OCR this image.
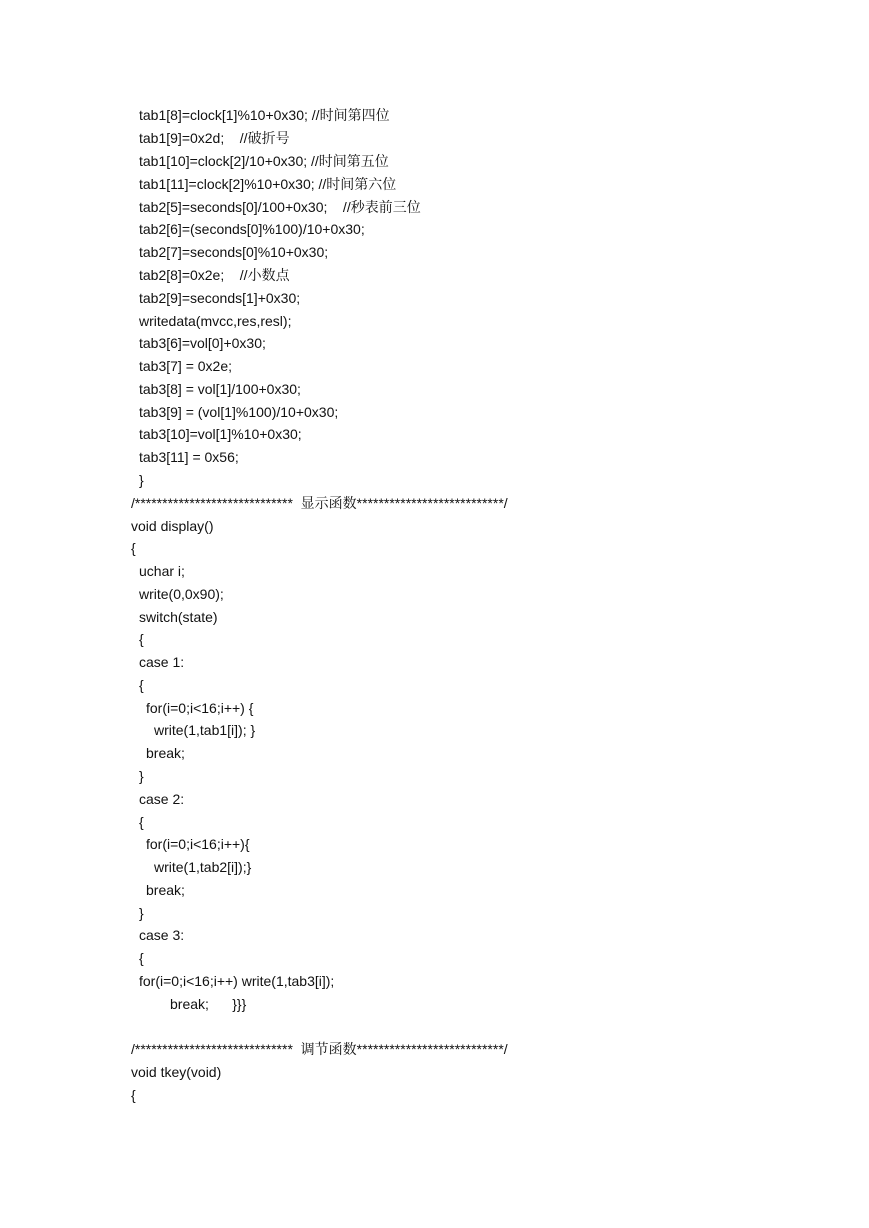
tab1[8]=clock[1]%10+0x30; //时间第四位
tab1[9]=0x2d;    //破折号
tab1[10]=clock[2]/10+0x30; //时间第五位
tab1[11]=clock[2]%10+0x30; //时间第六位
tab2[5]=seconds[0]/100+0x30;    //秒表前三位
tab2[6]=(seconds[0]%100)/10+0x30;
tab2[7]=seconds[0]%10+0x30;
tab2[8]=0x2e;    //小数点
tab2[9]=seconds[1]+0x30;
writedata(mvcc,res,resl);
tab3[6]=vol[0]+0x30;
tab3[7] = 0x2e;
tab3[8] = vol[1]/100+0x30;
tab3[9] = (vol[1]%100)/10+0x30;
tab3[10]=vol[1]%10+0x30;
tab3[11] = 0x56;
}
/*****************************  显示函数***************************/
void display()
{
uchar i;
write(0,0x90);
switch(state)
{
case 1:
{
for(i=0;i<16;i++) {
write(1,tab1[i]); }
break;
}
case 2:
{
for(i=0;i<16;i++){
write(1,tab2[i]);}
break;
}
case 3:
{
for(i=0;i<16;i++) write(1,tab3[i]);
break;      }}}
/*****************************  调节函数***************************/
void tkey(void)
{
